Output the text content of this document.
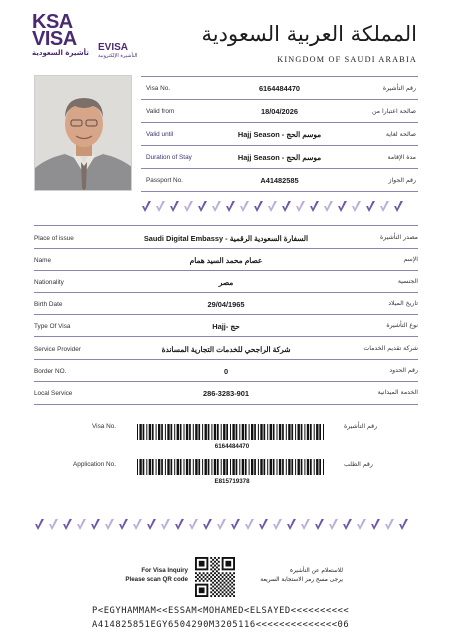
KSA
VISA
تأشيرة السعودية EVISA
التأشيرة الإلكترونية
المملكة العربية السعودية
KINGDOM OF SAUDI ARABIA
Visa No.	6164484470	رقم التأشيرة
Valid from	18/04/2026	صالحة اعتبارا من
Valid until	Hajj Season - موسم الحج	صالحة لغاية
Duration of Stay	Hajj Season - موسم الحج	مدة الإقامة
Passport No.	A41482585	رقم الجواز
Place of issue	Saudi Digital Embassy - السفارة السعودية الرقمية	مصدر التأشيرة
Name	عصام محمد السيد همام	الإسم
Nationality	مصر	الجنسية
Birth Date	29/04/1965	تاريخ الميلاد
Type Of Visa	Hajj- حج	نوع التأشيرة
Service Provider	شركة الراجحي للخدمات التجارية المساندة	شركة تقديم الخدمات
Border NO.	0	رقم الحدود
Local Service	286-3283-901	الخدمة الميدانية
Visa No.	رقم التأشيرة
6164484470
Application No.	رقم الطلب
E815719378
For Visa Inquiry
Please scan QR code
للاستعلام عن التأشيرة
يرجى مسح رمز الاستجابة السريعة
P<EGYHAMMAM<<ESSAM<MOHAMED<ELSAYED<<<<<<<<<<
A414825851EGY6504290M3205116<<<<<<<<<<<<<<06
